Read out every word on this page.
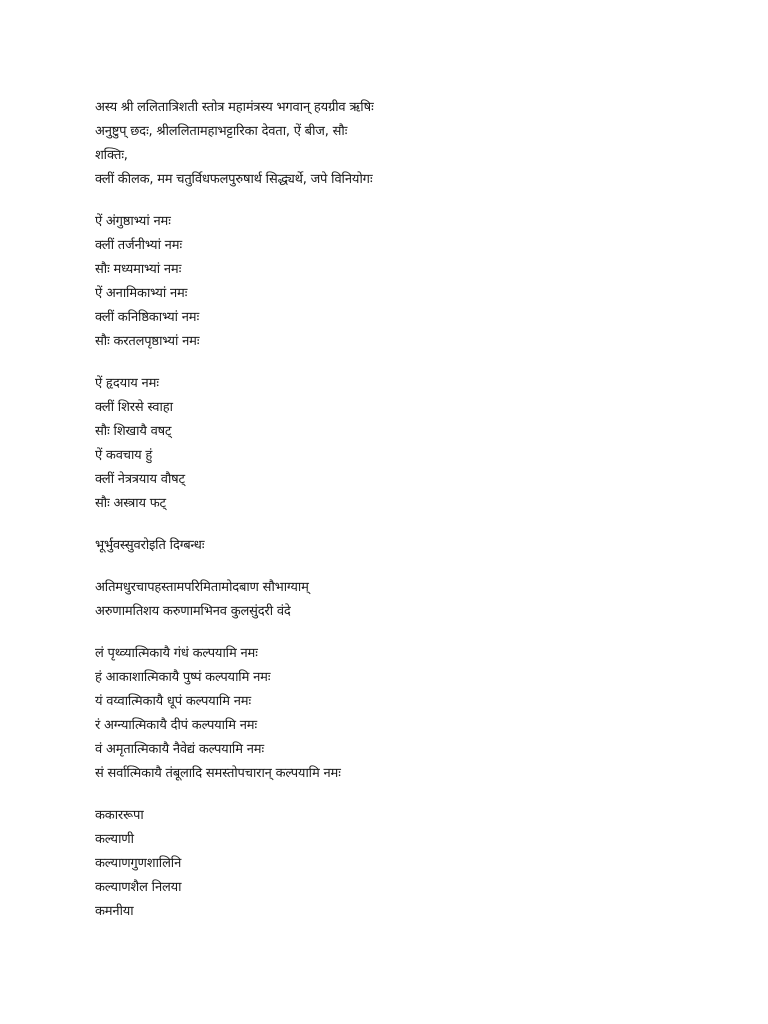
अस्य श्री ललितात्रिशती स्तोत्र महामंत्रस्य भगवान् हयग्रीव ऋषिः
अनुष्टुप् छदः, श्रीललितामहाभट्टारिका देवता, ऐं बीज, सौः
शक्तिः,
क्लीं कीलक, मम चतुर्विधफलपुरुषार्थ सिद्ध्यर्थे, जपे विनियोगः
ऐं अंगुष्ठाभ्यां नमः
क्लीं तर्जनीभ्यां नमः
सौः मध्यमाभ्यां नमः
ऐं अनामिकाभ्यां नमः
क्लीं कनिष्ठिकाभ्यां नमः
सौः करतलपृष्ठाभ्यां नमः
ऐं हृदयाय नमः
क्लीं शिरसे स्वाहा
सौः शिखायै वषट्
ऐं कवचाय हुं
क्लीं नेत्रत्रयाय वौषट्
सौः अस्त्राय फट्
भूर्भुवस्सुवरोइति दिग्बन्धः
अतिमधुरचापहस्तामपरिमितामोदबाण सौभाग्याम्
अरुणामतिशय करुणामभिनव कुलसुंदरी वंदे
लं पृथ्व्यात्मिकायै गंधं कल्पयामि नमः
हं आकाशात्मिकायै पुष्पं कल्पयामि नमः
यं वय्वात्मिकायै धूपं कल्पयामि नमः
रं अग्न्यात्मिकायै दीपं कल्पयामि नमः
वं अमृतात्मिकायै नैवेद्यं कल्पयामि नमः
सं सर्वात्मिकायै तंबूलादि समस्तोपचारान् कल्पयामि नमः
ककाररूपा
कल्याणी
कल्याणगुणशालिनि
कल्याणशैल निलया
कमनीया
